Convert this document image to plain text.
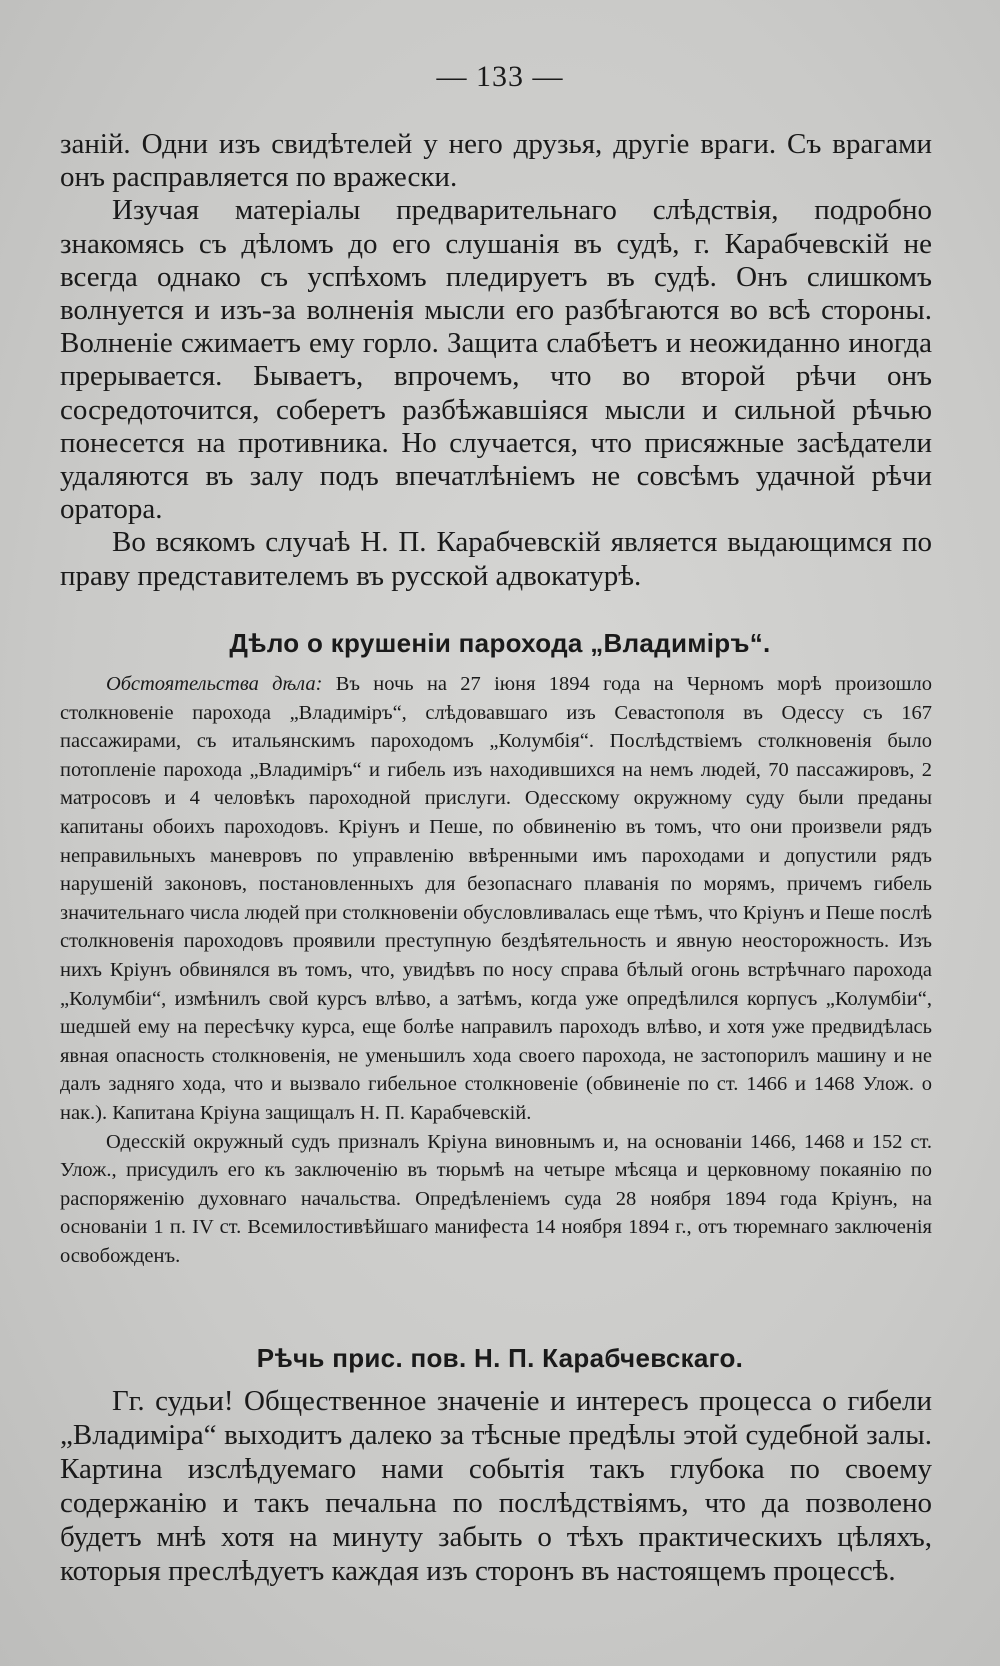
— 133 —

заній. Одни изъ свидѣтелей у него друзья, другіе враги. Съ врагами онъ расправляется по вражески.

Изучая матеріалы предварительнаго слѣдствія, подробно знакомясь съ дѣломъ до его слушанія въ судѣ, г. Карабчевскій не всегда однако съ успѣхомъ пледируетъ въ судѣ. Онъ слишкомъ волнуется и изъ-за волненія мысли его разбѣгаются во всѣ стороны. Волненіе сжимаетъ ему горло. Защита слабѣетъ и неожиданно иногда прерывается. Бываетъ, впрочемъ, что во второй рѣчи онъ сосредоточится, соберетъ разбѣжавшіяся мысли и сильной рѣчью понесется на противника. Но случается, что присяжные засѣдатели удаляются въ залу подъ впечатлѣніемъ не совсѣмъ удачной рѣчи оратора.

Во всякомъ случаѣ Н. П. Карабчевскій является выдающимся по праву представителемъ въ русской адвокатурѣ.

Дѣло о крушеніи парохода „Владиміръ“.

Обстоятельства дѣла: Въ ночь на 27 іюня 1894 года на Черномъ морѣ произошло столкновеніе парохода „Владиміръ“, слѣдовавшаго изъ Севастополя въ Одессу съ 167 пассажирами, съ итальянскимъ пароходомъ „Колумбія“. Послѣдствіемъ столкновенія было потопленіе парохода „Владиміръ“ и гибель изъ находившихся на немъ людей, 70 пассажировъ, 2 матросовъ и 4 человѣкъ пароходной прислуги. Одесскому окружному суду были преданы капитаны обоихъ пароходовъ. Кріунъ и Пеше, по обвиненію въ томъ, что они произвели рядъ неправильныхъ маневровъ по управленію ввѣренными имъ пароходами и допустили рядъ нарушеній законовъ, постановленныхъ для безопаснаго плаванія по морямъ, причемъ гибель значительнаго числа людей при столкновеніи обусловливалась еще тѣмъ, что Кріунъ и Пеше послѣ столкновенія пароходовъ проявили преступную бездѣятельность и явную неосторожность. Изъ нихъ Кріунъ обвинялся въ томъ, что, увидѣвъ по носу справа бѣлый огонь встрѣчнаго парохода „Колумбіи“, измѣнилъ свой курсъ влѣво, а затѣмъ, когда уже опредѣлился корпусъ „Колумбіи“, шедшей ему на пересѣчку курса, еще болѣе направилъ пароходъ влѣво, и хотя уже предвидѣлась явная опасность столкновенія, не уменьшилъ хода своего парохода, не застопорилъ машину и не далъ задняго хода, что и вызвало гибельное столкновеніе (обвиненіе по ст. 1466 и 1468 Улож. о нак.). Капитана Кріуна защищалъ Н. П. Карабчевскій.

Одесскій окружный судъ призналъ Кріуна виновнымъ и, на основаніи 1466, 1468 и 152 ст. Улож., присудилъ его къ заключенію въ тюрьмѣ на четыре мѣсяца и церковному покаянію по распоряженію духовнаго начальства. Опредѣленіемъ суда 28 ноября 1894 года Кріунъ, на основаніи 1 п. IV ст. Всемилостивѣйшаго манифеста 14 ноября 1894 г., отъ тюремнаго заключенія освобожденъ.

Рѣчь прис. пов. Н. П. Карабчевскаго.

Гг. судьи! Общественное значеніе и интересъ процесса о гибели „Владиміра“ выходитъ далеко за тѣсные предѣлы этой судебной залы. Картина изслѣдуемаго нами событія такъ глубока по своему содержанію и такъ печальна по послѣдствіямъ, что да позволено будетъ мнѣ хотя на минуту забыть о тѣхъ практическихъ цѣляхъ, которыя преслѣдуетъ каждая изъ сторонъ въ настоящемъ процессѣ.
